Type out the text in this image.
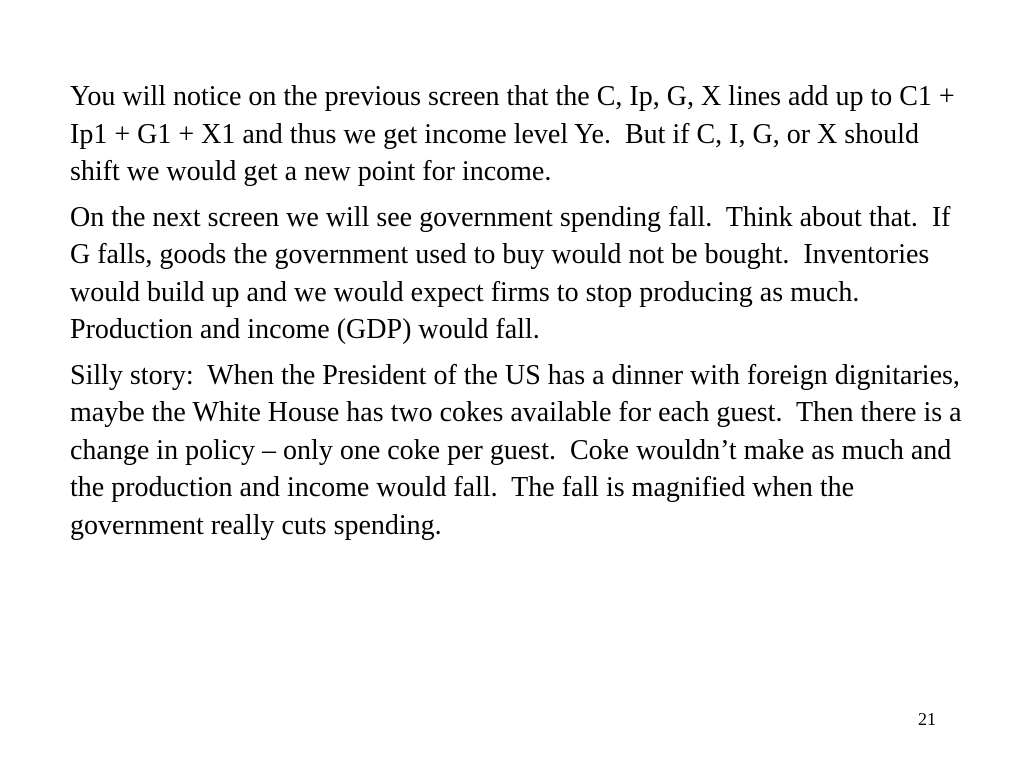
You will notice on the previous screen that the C, Ip, G, X lines add up to C1 + Ip1 + G1 + X1 and thus we get income level Ye.  But if C, I, G, or X should shift we would get a new point for income.

On the next screen we will see government spending fall.  Think about that.  If G falls, goods the government used to buy would not be bought.  Inventories would build up and we would expect firms to stop producing as much.  Production and income (GDP) would fall.

Silly story:  When the President of the US has a dinner with foreign dignitaries, maybe the White House has two cokes available for each guest.  Then there is a change in policy – only one coke per guest.  Coke wouldn’t make as much and the production and income would fall.  The fall is magnified when the government really cuts spending.

21
